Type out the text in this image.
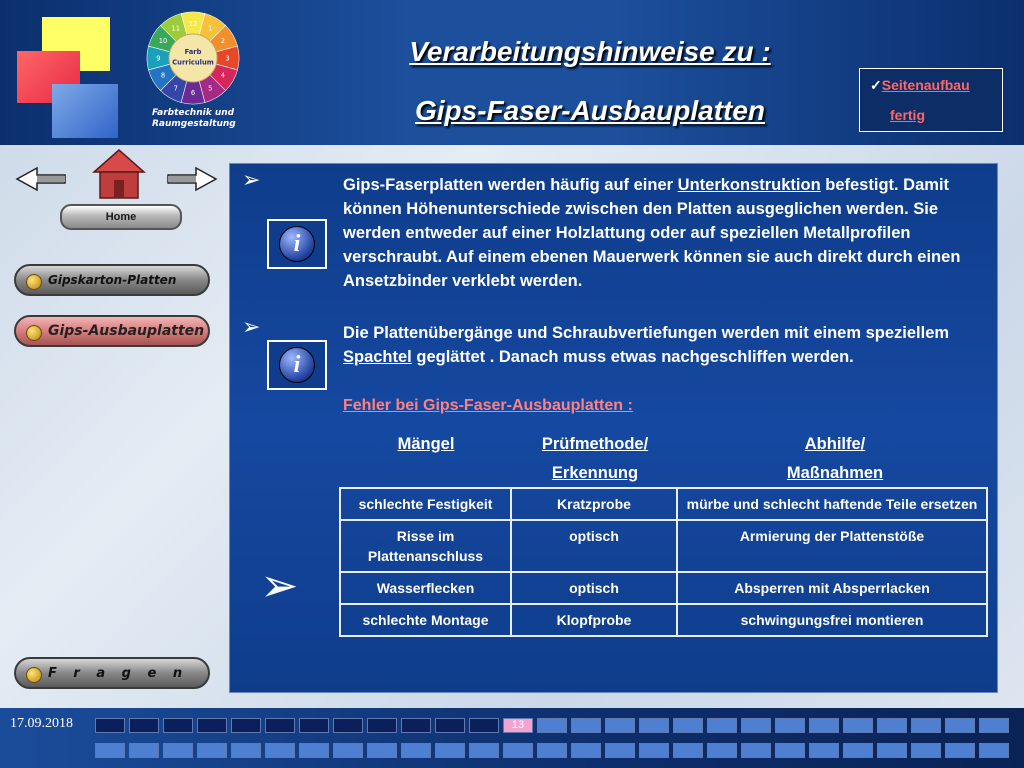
Farb
Curriculum
12
1
2
3
4
5
6
7
8
9
10
11
Farbtechnik und
Raumgestaltung
Verarbeitungshinweise zu :
Gips-Faser-Ausbauplatten
✓Seitenaufbau
fertig
Home
Gipskarton-Platten
Gips-Ausbauplatten
F r a g e n
➢
➢
➢
i
i
Gips-Faserplatten werden häufig auf einer Unterkonstruktion befestigt. Damit können Höhenunterschiede zwischen den Platten ausgeglichen werden. Sie werden entweder auf einer Holzlattung oder auf speziellen Metallprofilen verschraubt. Auf einem ebenen Mauerwerk können sie auch direkt durch einen Ansetzbinder verklebt werden.
Die Plattenübergänge und Schraubvertiefungen werden mit einem speziellem Spachtel geglättet . Danach muss etwas nachgeschliffen werden.
Fehler bei Gips-Faser-Ausbauplatten :
Mängel	Prüfmethode/
Erkennung
Abhilfe/
Maßnahmen
schlechte Festigkeit	Kratzprobe	mürbe und schlecht haftende Teile ersetzen
Risse im Plattenanschluss	optisch	Armierung der Plattenstöße
Wasserflecken	optisch	Absperren mit Absperrlacken
schlechte Montage	Klopfprobe	schwingungsfrei montieren
17.09.2018	13
